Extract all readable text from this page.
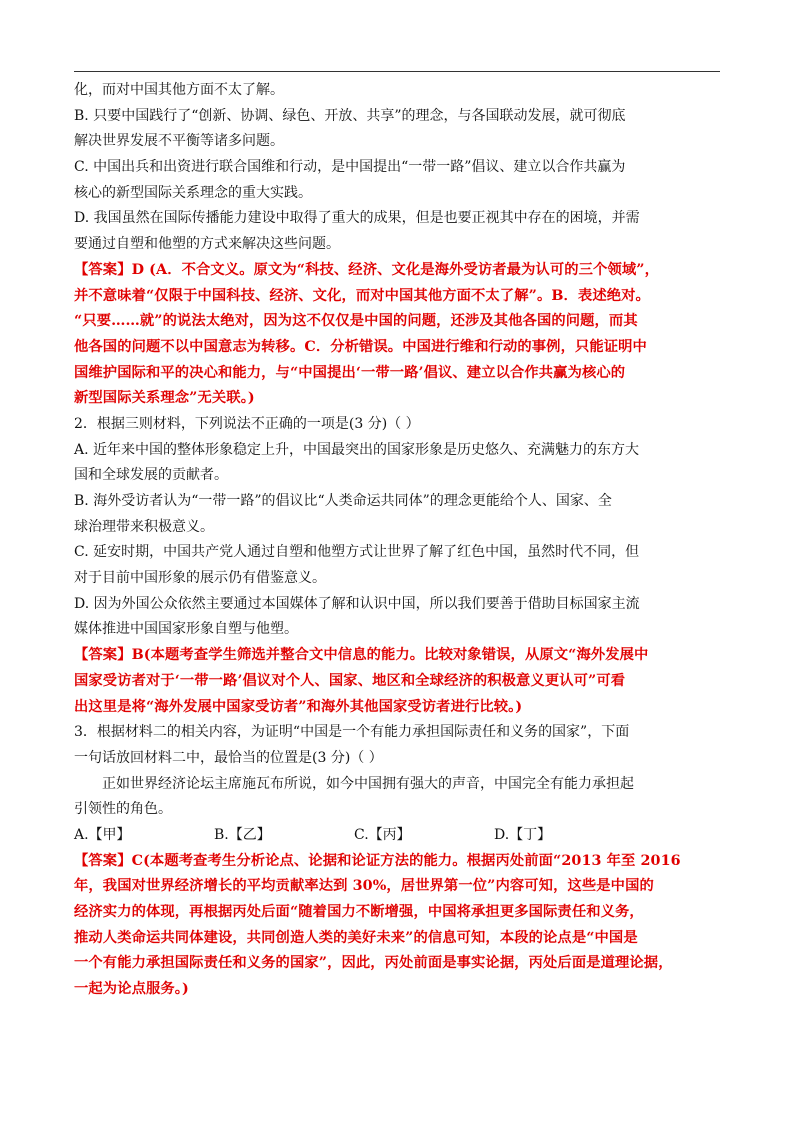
化，而对中国其他方面不太了解。
B. 只要中国践行了“创新、协调、绿色、开放、共享”的理念，与各国联动发展，就可彻底
解决世界发展不平衡等诸多问题。
C. 中国出兵和出资进行联合国维和行动，是中国提出“一带一路”倡议、建立以合作共赢为
核心的新型国际关系理念的重大实践。
D. 我国虽然在国际传播能力建设中取得了重大的成果，但是也要正视其中存在的困境，并需
要通过自塑和他塑的方式来解决这些问题。
【答案】D (A．不合文义。原文为“科技、经济、文化是海外受访者最为认可的三个领域”，
并不意味着“仅限于中国科技、经济、文化，而对中国其他方面不太了解”。B．表述绝对。
“只要……就”的说法太绝对，因为这不仅仅是中国的问题，还涉及其他各国的问题，而其
他各国的问题不以中国意志为转移。C．分析错误。中国进行维和行动的事例，只能证明中
国维护国际和平的决心和能力，与“中国提出‘一带一路’倡议、建立以合作共赢为核心的
新型国际关系理念”无关联。)
2．根据三则材料，下列说法不正确的一项是(3 分)（ ）
A. 近年来中国的整体形象稳定上升，中国最突出的国家形象是历史悠久、充满魅力的东方大
国和全球发展的贡献者。
B. 海外受访者认为“一带一路”的倡议比“人类命运共同体”的理念更能给个人、国家、全
球治理带来积极意义。
C. 延安时期，中国共产党人通过自塑和他塑方式让世界了解了红色中国，虽然时代不同，但
对于目前中国形象的展示仍有借鉴意义。
D. 因为外国公众依然主要通过本国媒体了解和认识中国，所以我们要善于借助目标国家主流
媒体推进中国国家形象自塑与他塑。
【答案】B(本题考查学生筛选并整合文中信息的能力。比较对象错误，从原文“海外发展中
国家受访者对于‘一带一路’倡议对个人、国家、地区和全球经济的积极意义更认可”可看
出这里是将“海外发展中国家受访者”和海外其他国家受访者进行比较。)
3．根据材料二的相关内容，为证明“中国是一个有能力承担国际责任和义务的国家”，下面
一句话放回材料二中，最恰当的位置是(3 分)（ ）
正如世界经济论坛主席施瓦布所说，如今中国拥有强大的声音，中国完全有能力承担起
引领性的角色。
A.【甲】	B.【乙】	C.【丙】	D.【丁】
【答案】C(本题考查考生分析论点、论据和论证方法的能力。根据丙处前面“2013 年至 2016
年，我国对世界经济增长的平均贡献率达到 30%，居世界第一位”内容可知，这些是中国的
经济实力的体现，再根据丙处后面“随着国力不断增强，中国将承担更多国际责任和义务，
推动人类命运共同体建设，共同创造人类的美好未来”的信息可知，本段的论点是“中国是
一个有能力承担国际责任和义务的国家”，因此，丙处前面是事实论据，丙处后面是道理论据，
一起为论点服务。)
